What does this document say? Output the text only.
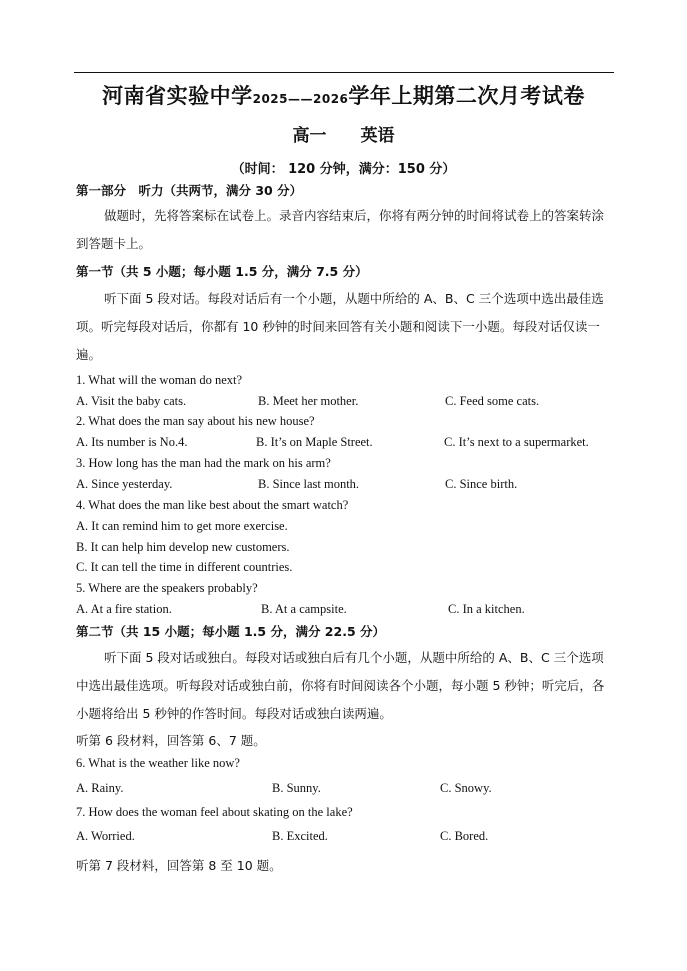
河南省实验中学2025——2026学年上期第二次月考试卷
高一 英语
（时间： 120 分钟，满分：150 分）
第一部分　听力（共两节，满分 30 分）
做题时，先将答案标在试卷上。录音内容结束后，你将有两分钟的时间将试卷上的答案转涂到答题卡上。
第一节（共 5 小题；每小题 1.5 分，满分 7.5 分）
听下面 5 段对话。每段对话后有一个小题，从题中所给的 A、B、C 三个选项中选出最佳选项。听完每段对话后，你都有 10 秒钟的时间来回答有关小题和阅读下一小题。每段对话仅读一遍。
1. What will the woman do next?
A. Visit the baby cats.	B. Meet her mother.	C. Feed some cats.
2. What does the man say about his new house?
A. Its number is No.4.	B. It’s on Maple Street.	C. It’s next to a supermarket.
3. How long has the man had the mark on his arm?
A. Since yesterday.	B. Since last month.	C. Since birth.
4. What does the man like best about the smart watch?
A. It can remind him to get more exercise.
B. It can help him develop new customers.
C. It can tell the time in different countries.
5. Where are the speakers probably?
A. At a fire station.	B. At a campsite.	C. In a kitchen.
第二节（共 15 小题；每小题 1.5 分，满分 22.5 分）
听下面 5 段对话或独白。每段对话或独白后有几个小题，从题中所给的 A、B、C 三个选项中选出最佳选项。听每段对话或独白前，你将有时间阅读各个小题，每小题 5 秒钟；听完后，各小题将给出 5 秒钟的作答时间。每段对话或独白读两遍。
听第 6 段材料，回答第 6、7 题。
6. What is the weather like now?
A. Rainy.	B. Sunny.	C. Snowy.
7. How does the woman feel about skating on the lake?
A. Worried.	B. Excited.	C. Bored.
听第 7 段材料，回答第 8 至 10 题。
